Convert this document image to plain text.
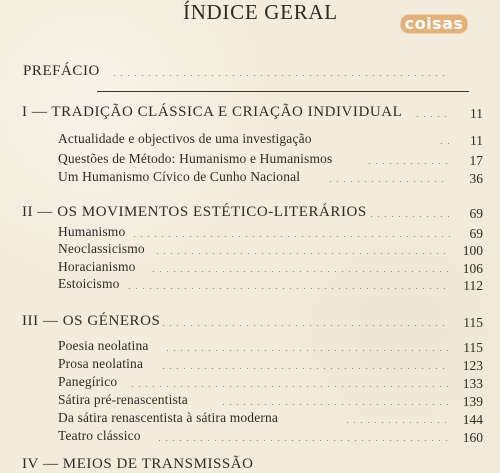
ÍNDICE GERAL	coisas
PREFÁCIO
I — TRADIÇÃO CLÁSSICA E CRIAÇÃO INDIVIDUAL	11
Actualidade e objectivos de uma investigação	11
Questões de Método: Humanismo e Humanismos	17
Um Humanismo Cívico de Cunho Nacional	36
II — OS MOVIMENTOS ESTÉTICO-LITERÁRIOS	69
Humanismo	69
Neoclassicismo	100
Horacianismo	106
Estoicismo	112
III — OS GÉNEROS	115
Poesia neolatina	115
Prosa neolatina	123
Panegírico	133
Sátira pré-renascentista	139
Da sátira renascentista à sátira moderna	144
Teatro clássico	160
IV — MEIOS DE TRANSMISSÃO
